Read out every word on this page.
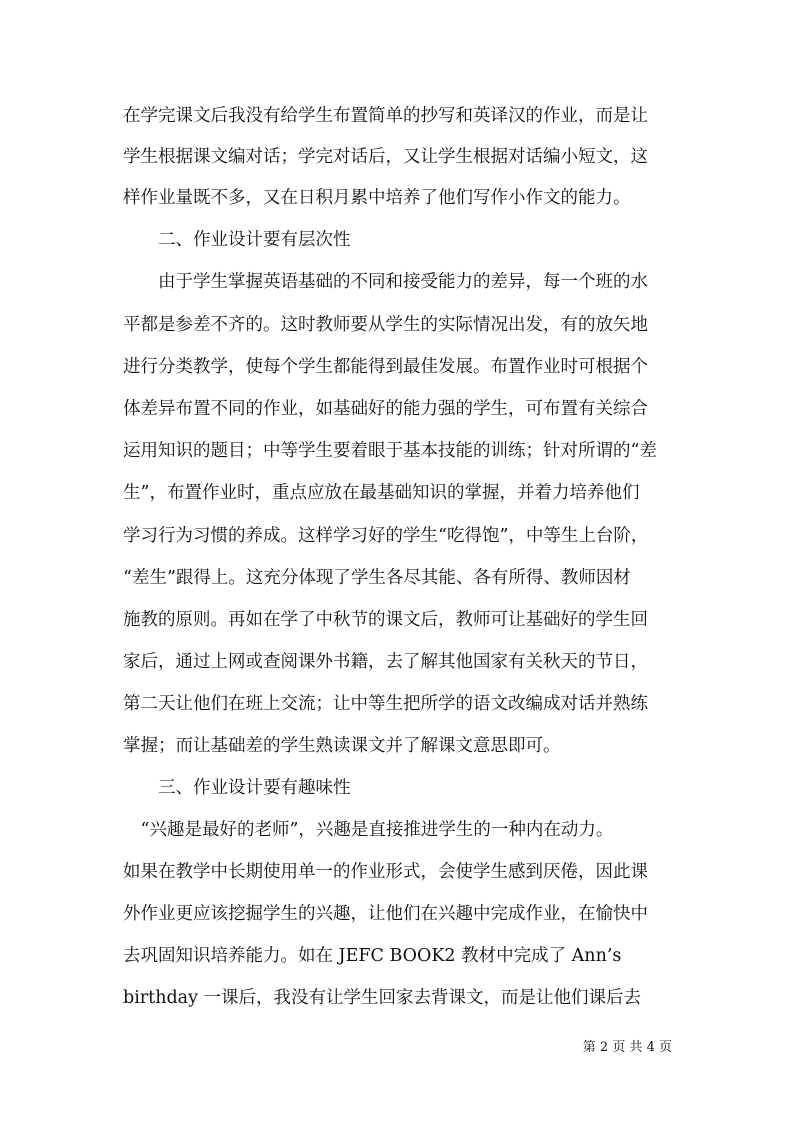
在学完课文后我没有给学生布置简单的抄写和英译汉的作业，而是让
学生根据课文编对话；学完对话后，又让学生根据对话编小短文，这
样作业量既不多，又在日积月累中培养了他们写作小作文的能力。
　　二、作业设计要有层次性
　　由于学生掌握英语基础的不同和接受能力的差异，每一个班的水
平都是参差不齐的。这时教师要从学生的实际情况出发，有的放矢地
进行分类教学，使每个学生都能得到最佳发展。布置作业时可根据个
体差异布置不同的作业，如基础好的能力强的学生，可布置有关综合
运用知识的题目；中等学生要着眼于基本技能的训练；针对所谓的“差
生”，布置作业时，重点应放在最基础知识的掌握，并着力培养他们
学习行为习惯的养成。这样学习好的学生“吃得饱”，中等生上台阶，
“差生”跟得上。这充分体现了学生各尽其能、各有所得、教师因材
施教的原则。再如在学了中秋节的课文后，教师可让基础好的学生回
家后，通过上网或查阅课外书籍，去了解其他国家有关秋天的节日，
第二天让他们在班上交流；让中等生把所学的语文改编成对话并熟练
掌握；而让基础差的学生熟读课文并了解课文意思即可。
　　三、作业设计要有趣味性
　“兴趣是最好的老师”，兴趣是直接推进学生的一种内在动力。
如果在教学中长期使用单一的作业形式，会使学生感到厌倦，因此课
外作业更应该挖掘学生的兴趣，让他们在兴趣中完成作业，在愉快中
去巩固知识培养能力。如在 JEFC BOOK2 教材中完成了 Ann’s
birthday 一课后，我没有让学生回家去背课文，而是让他们课后去
第 2 页 共 4 页
